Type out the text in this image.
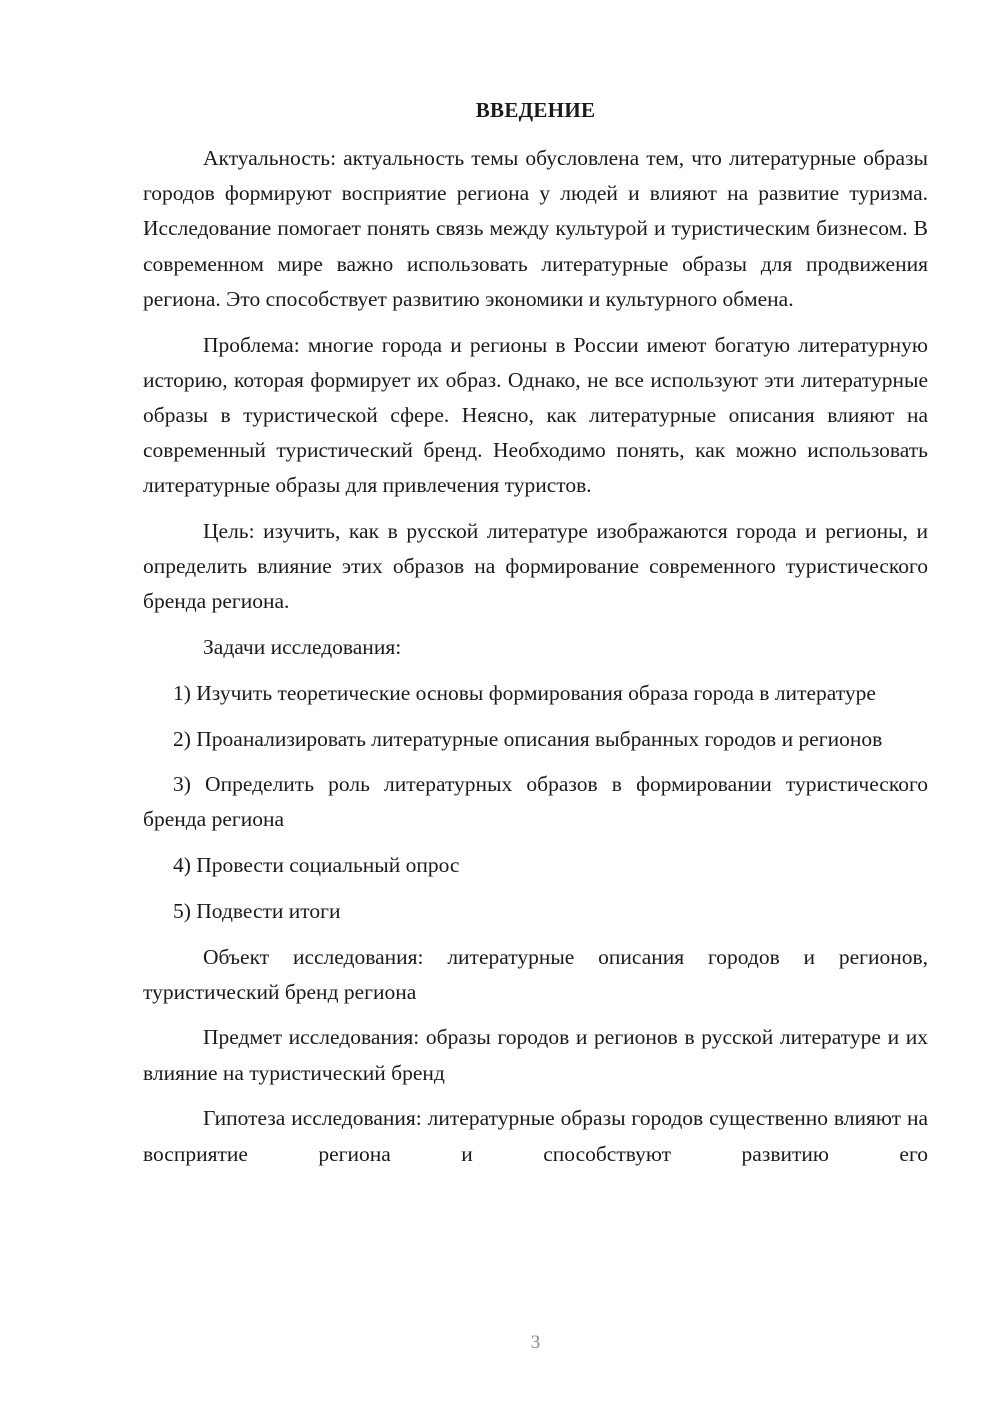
ВВЕДЕНИЕ

Актуальность: актуальность темы обусловлена тем, что литературные образы городов формируют восприятие региона у людей и влияют на развитие туризма. Исследование помогает понять связь между культурой и туристическим бизнесом. В современном мире важно использовать литературные образы для продвижения региона. Это способствует развитию экономики и культурного обмена.

Проблема: многие города и регионы в России имеют богатую литературную историю, которая формирует их образ. Однако, не все используют эти литературные образы в туристической сфере. Неясно, как литературные описания влияют на современный туристический бренд. Необходимо понять, как можно использовать литературные образы для привлечения туристов.

Цель: изучить, как в русской литературе изображаются города и регионы, и определить влияние этих образов на формирование современного туристического бренда региона.

Задачи исследования:

1) Изучить теоретические основы формирования образа города в литературе

2) Проанализировать литературные описания выбранных городов и регионов

3) Определить роль литературных образов в формировании туристического бренда региона

4) Провести социальный опрос

5) Подвести итоги

Объект исследования: литературные описания городов и регионов, туристический бренд региона

Предмет исследования: образы городов и регионов в русской литературе и их влияние на туристический бренд

Гипотеза исследования: литературные образы городов существенно влияют на восприятие региона и способствуют развитию его

3
